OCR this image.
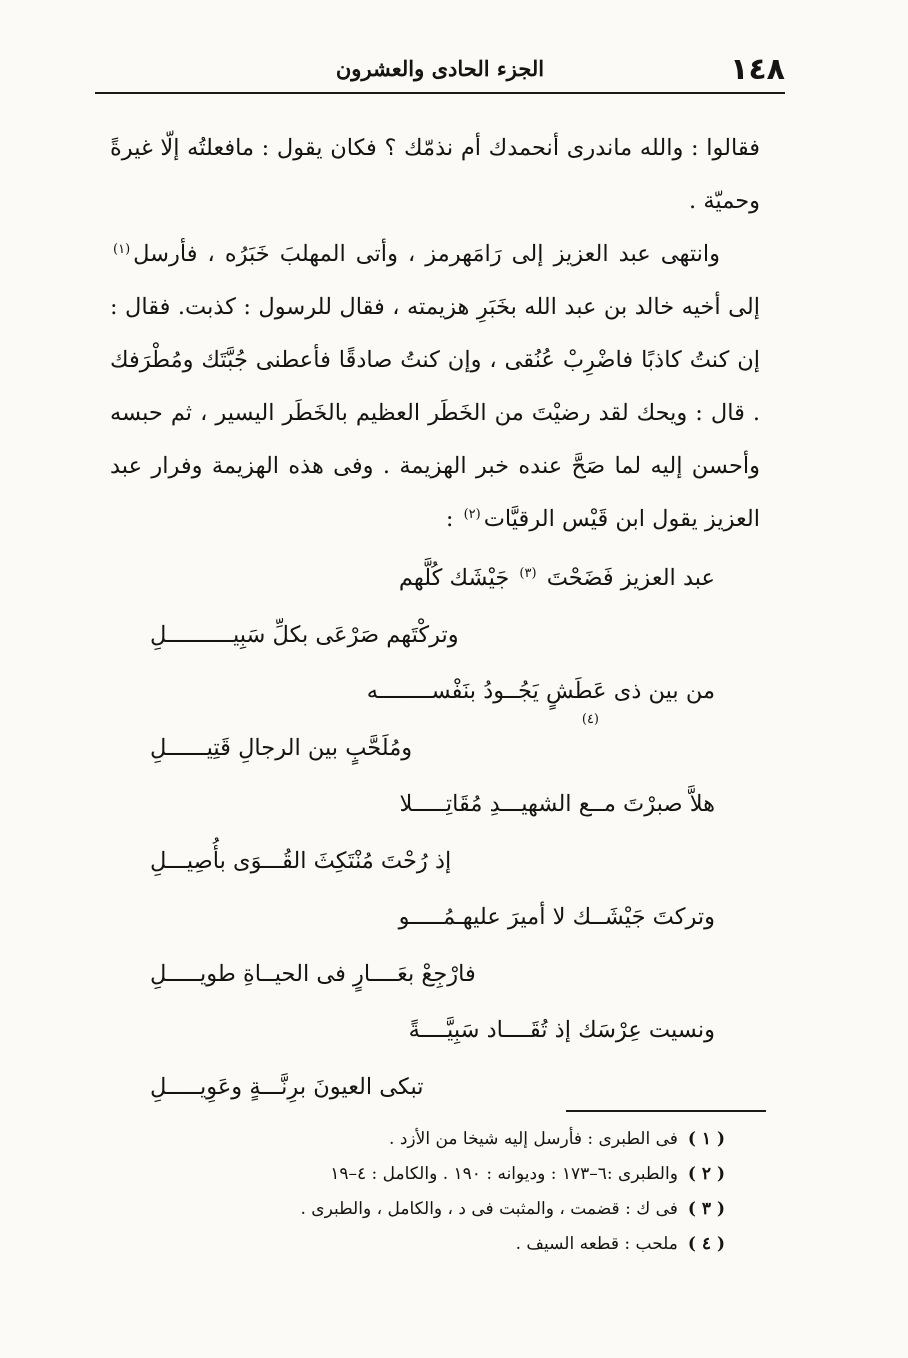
١٤٨
الجزء الحادى والعشرون

فقالوا : والله ماندرى أنحمدك أم نذمّك ؟ فكان يقول : مافعلتُه إلّا غيرةً وحميّة .

وانتهى عبد العزيز إلى رَامَهرمز ، وأتى المهلبَ خَبَرُه ، فأرسل$^{(١)}$ إلى أخيه خالد بن عبد الله بخَبَرِ هزيمته ، فقال للرسول : كذبت. فقال : إن كنتُ كاذبًا فاضْرِبْ عُنُقى ، وإن كنتُ صادقًا فأعطنى جُبَّتَك ومُطْرَفك . قال : ويحك لقد رضيْتَ من الخَطَر العظيم بالخَطَر اليسير ، ثم حبسه وأحسن إليه لما صَحَّ عنده خبر الهزيمة . وفى هذه الهزيمة وفرار عبد العزيز يقول ابن قَيْس الرقيَّات$^{(٢)}$ :

عبد العزيز فَضَحْتَ $^{(٣)}$ جَيْشَك كُلَّهم
وتركْتَهم صَرْعَى بكلِّ سَبِيــــــــــلِ
من بين ذى عَطَشٍ يَجُــودُ بنَفْســــــــه
ومُلَحَّبٍ بين الرجالِ قَتِيــــــلِ
(٤)
هلاَّ صبرْتَ مــع الشهيـــدِ مُقَاتِـــــلا
إذ رُحْتَ مُنْتَكِثَ القُـــوَى بأُصِيـــلِ
وتركتَ جَيْشَــك لا أميرَ عليهـمُـــــو
فارْجِعْ بعَــــارٍ فى الحيــاةِ طويـــــلِ
ونسيت عِرْسَك إذ تُقَــــاد سَبِيَّــــةً
تبكى العيونَ برِنَّـــةٍ وعَوِيـــــلِ
( ١ )فى الطبرى : فأرسل إليه شيخا من الأزد .
( ٢ )والطبرى :٦–١٧٣ : وديوانه : ١٩٠ . والكامل : ٤–١٩
( ٣ )فى ك : قضمت ، والمثبت فى د ، والكامل ، والطبرى .
( ٤ )ملحب : قطعه السيف .
